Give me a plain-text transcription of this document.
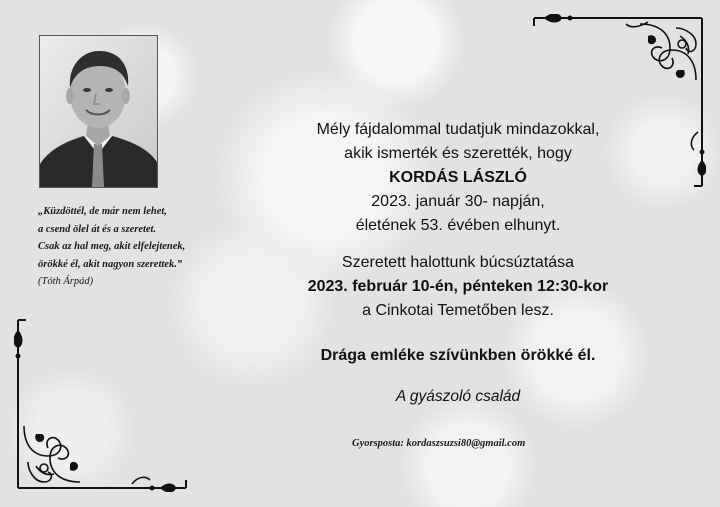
„Küzdöttél, de már nem lehet,
a csend ölel át és a szeretet.
Csak az hal meg, akit elfelejtenek,
örökké él, akit nagyon szerettek.”
(Tóth Árpád)
Mély fájdalommal tudatjuk mindazokkal,
akik ismerték és szerették, hogy
KORDÁS LÁSZLÓ
2023. január 30- napján,
életének 53. évében elhunyt.
Szeretett halottunk búcsúztatása
2023. február 10-én, pénteken 12:30-kor
a Cinkotai Temetőben lesz.
Drága emléke szívünkben örökké él.
A gyászoló család
Gyorsposta: kordaszsuzsi80@gmail.com
